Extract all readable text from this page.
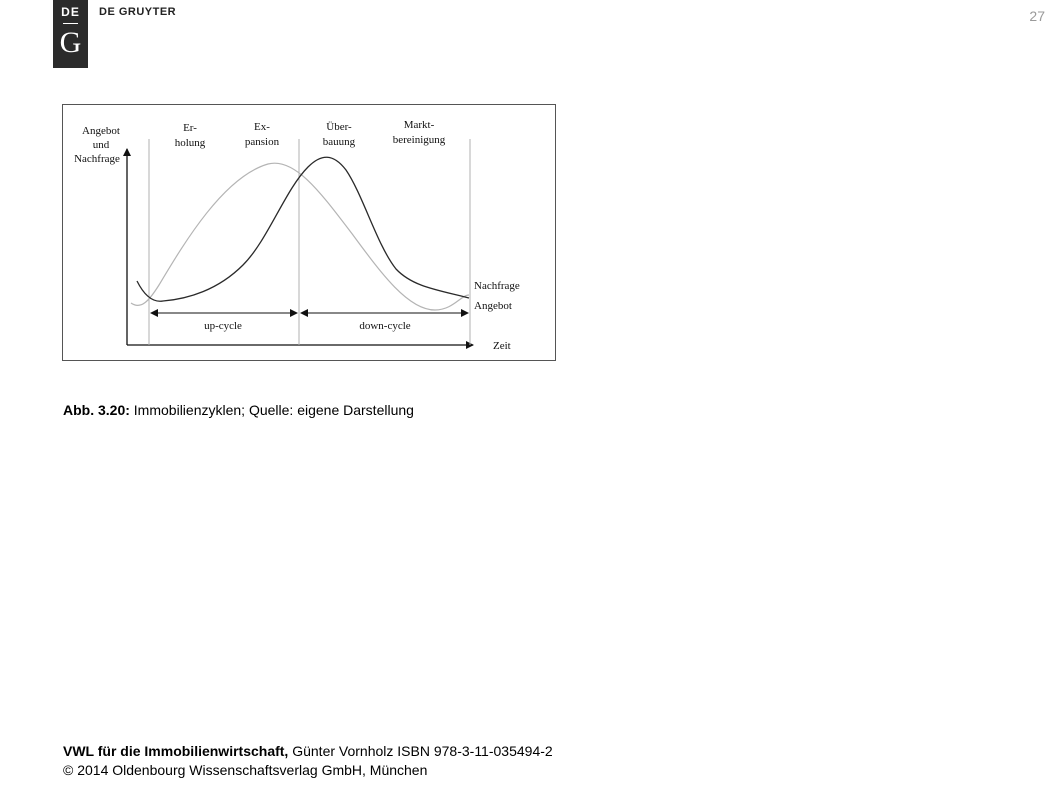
DE
G
DE GRUYTER	27
Angebot
und
Nachfrage
Er-
holung
Ex-
pansion
Über-
bauung
Markt-
bereinigung
Nachfrage
Angebot
up-cycle	down-cycle
Zeit
Abb. 3.20: Immobilienzyklen; Quelle: eigene Darstellung
VWL für die Immobilienwirtschaft, Günter Vornholz ISBN 978-3-11-035494-2
© 2014 Oldenbourg Wissenschaftsverlag GmbH, München
